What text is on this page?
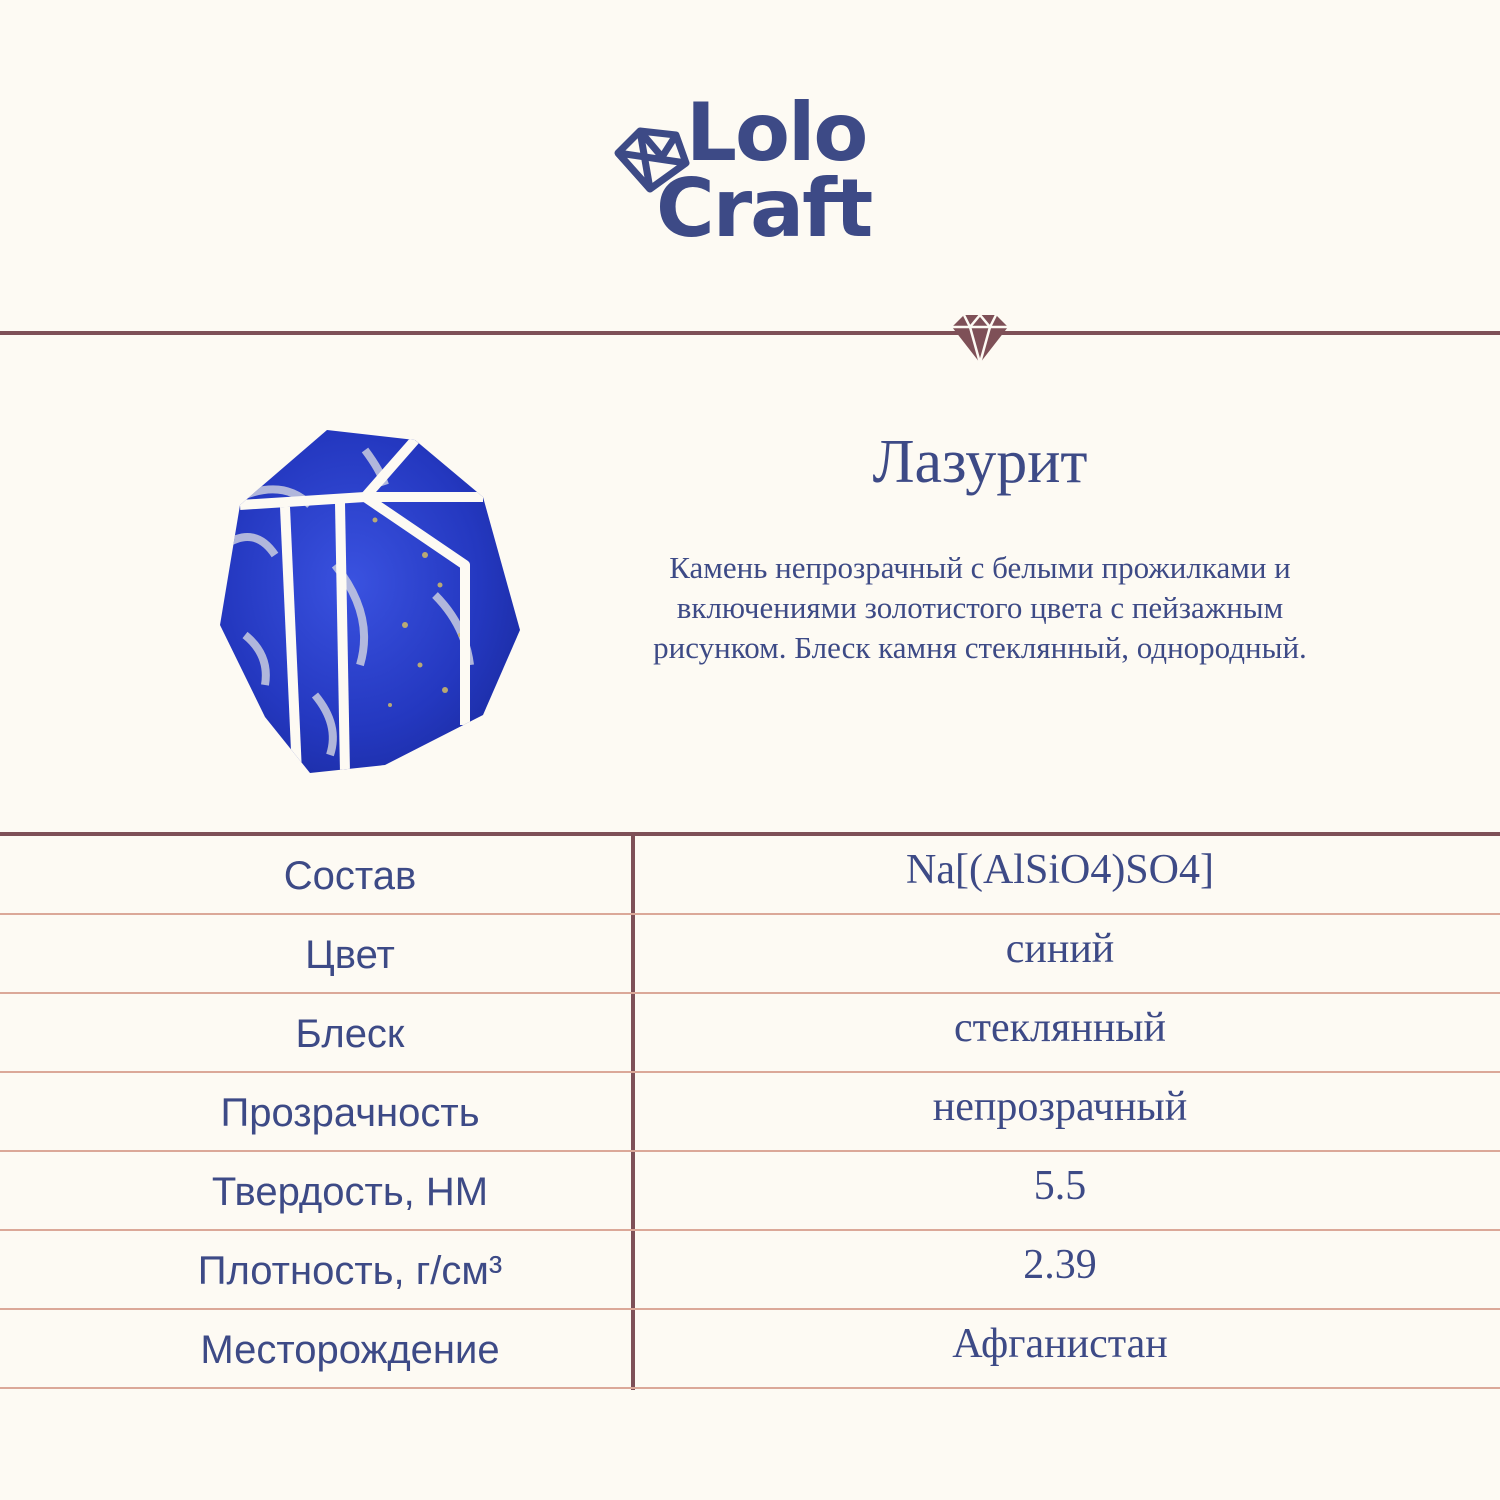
Lolo
Craft
Лазурит
Камень непрозрачный с белыми прожилками и включениями золотистого цвета с пейзажным рисунком. Блеск камня стеклянный, однородный.
Состав	Na[(AlSiO4)SO4]
Цвет	синий
Блеск	стеклянный
Прозрачность	непрозрачный
Твердость, НМ	5.5
Плотность, г/см³	2.39
Месторождение	Афганистан
